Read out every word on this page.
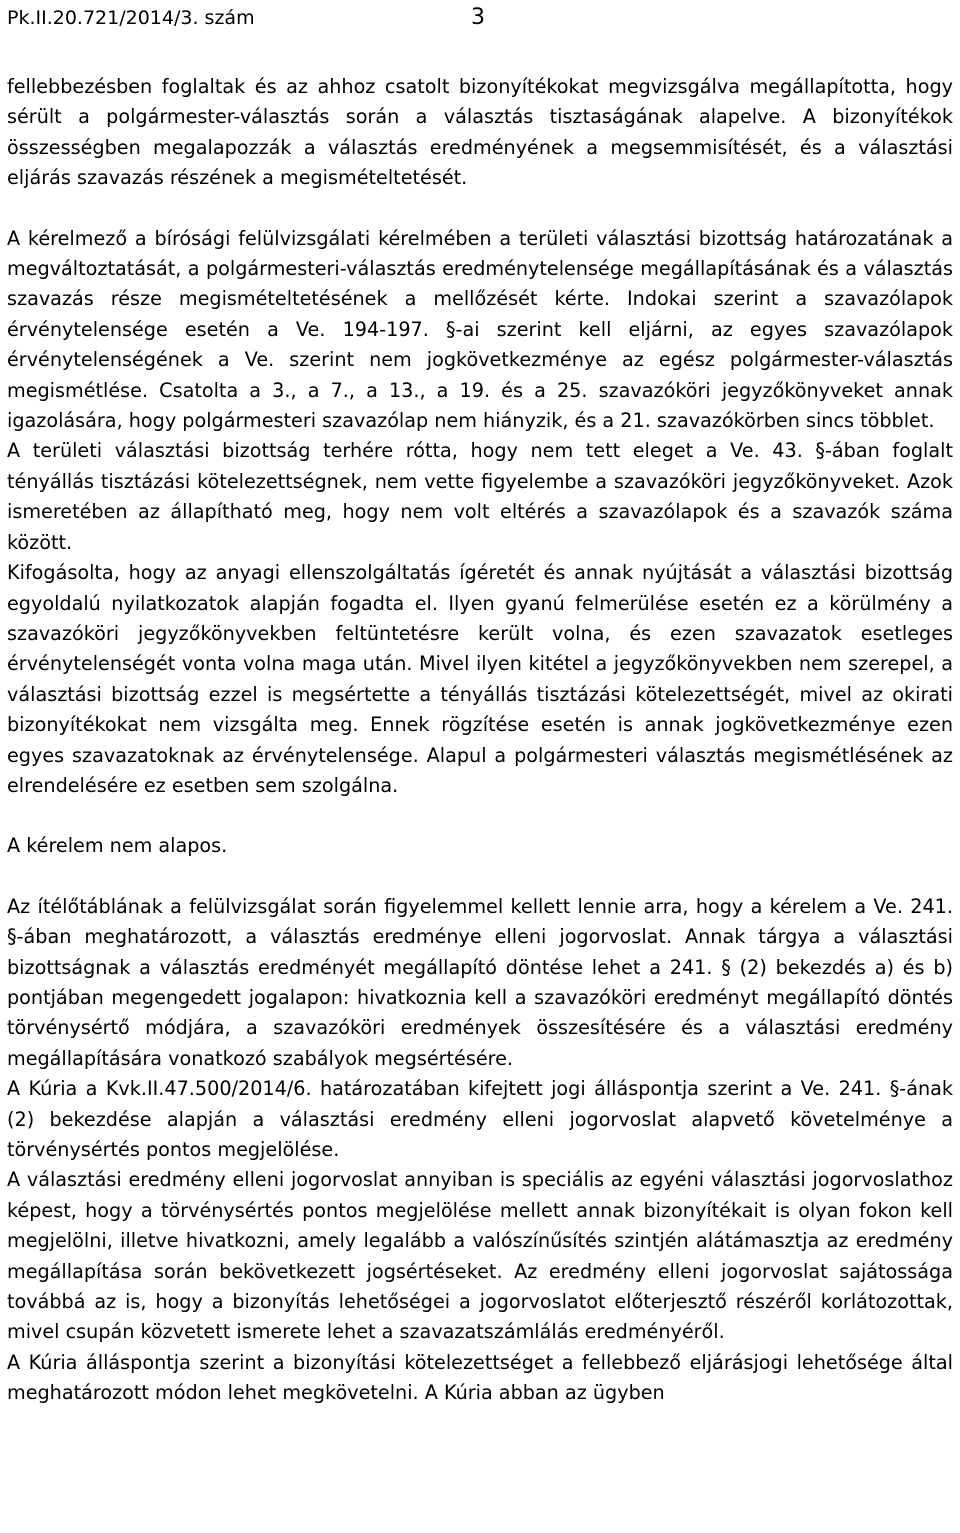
Pk.II.20.721/2014/3. szám	3

fellebbezésben foglaltak és az ahhoz csatolt bizonyítékokat megvizsgálva megállapította, hogy sérült a polgármester-választás során a választás tisztaságának alapelve. A bizonyítékok összességben megalapozzák a választás eredményének a megsemmisítését, és a választási eljárás szavazás részének a megismételtetését.

A kérelmező a bírósági felülvizsgálati kérelmében a területi választási bizottság határozatának a megváltoztatását, a polgármesteri-választás eredménytelensége megállapításának és a választás szavazás része megismételtetésének a mellőzését kérte. Indokai szerint a szavazólapok érvénytelensége esetén a Ve. 194-197. §-ai szerint kell eljárni, az egyes szavazólapok érvénytelenségének a Ve. szerint nem jogkövetkezménye az egész polgármester-választás megismétlése. Csatolta a 3., a 7., a 13., a 19. és a 25. szavazóköri jegyzőkönyveket annak igazolására, hogy polgármesteri szavazólap nem hiányzik, és a 21. szavazókörben sincs többlet.

A területi választási bizottság terhére rótta, hogy nem tett eleget a Ve. 43. §-ában foglalt tényállás tisztázási kötelezettségnek, nem vette figyelembe a szavazóköri jegyzőkönyveket. Azok ismeretében az állapítható meg, hogy nem volt eltérés a szavazólapok és a szavazók száma között.

Kifogásolta, hogy az anyagi ellenszolgáltatás ígéretét és annak nyújtását a választási bizottság egyoldalú nyilatkozatok alapján fogadta el. Ilyen gyanú felmerülése esetén ez a körülmény a szavazóköri jegyzőkönyvekben feltüntetésre került volna, és ezen szavazatok esetleges érvénytelenségét vonta volna maga után. Mivel ilyen kitétel a jegyzőkönyvekben nem szerepel, a választási bizottság ezzel is megsértette a tényállás tisztázási kötelezettségét, mivel az okirati bizonyítékokat nem vizsgálta meg. Ennek rögzítése esetén is annak jogkövetkezménye ezen egyes szavazatoknak az érvénytelensége. Alapul a polgármesteri választás megismétlésének az elrendelésére ez esetben sem szolgálna.

A kérelem nem alapos.

Az ítélőtáblának a felülvizsgálat során figyelemmel kellett lennie arra, hogy a kérelem a Ve. 241. §-ában meghatározott, a választás eredménye elleni jogorvoslat. Annak tárgya a választási bizottságnak a választás eredményét megállapító döntése lehet a 241. § (2) bekezdés a) és b) pontjában megengedett jogalapon: hivatkoznia kell a szavazóköri eredményt megállapító döntés törvénysértő módjára, a szavazóköri eredmények összesítésére és a választási eredmény megállapítására vonatkozó szabályok megsértésére.

A Kúria a Kvk.II.47.500/2014/6. határozatában kifejtett jogi álláspontja szerint a Ve. 241. §-ának (2) bekezdése alapján a választási eredmény elleni jogorvoslat alapvető követelménye a törvénysértés pontos megjelölése.

A választási eredmény elleni jogorvoslat annyiban is speciális az egyéni választási jogorvoslathoz képest, hogy a törvénysértés pontos megjelölése mellett annak bizonyítékait is olyan fokon kell megjelölni, illetve hivatkozni, amely legalább a valószínűsítés szintjén alátámasztja az eredmény megállapítása során bekövetkezett jogsértéseket. Az eredmény elleni jogorvoslat sajátossága továbbá az is, hogy a bizonyítás lehetőségei a jogorvoslatot előterjesztő részéről korlátozottak, mivel csupán közvetett ismerete lehet a szavazatszámlálás eredményéről.

A Kúria álláspontja szerint a bizonyítási kötelezettséget a fellebbező eljárásjogi lehetősége által meghatározott módon lehet megkövetelni. A Kúria abban az ügyben
